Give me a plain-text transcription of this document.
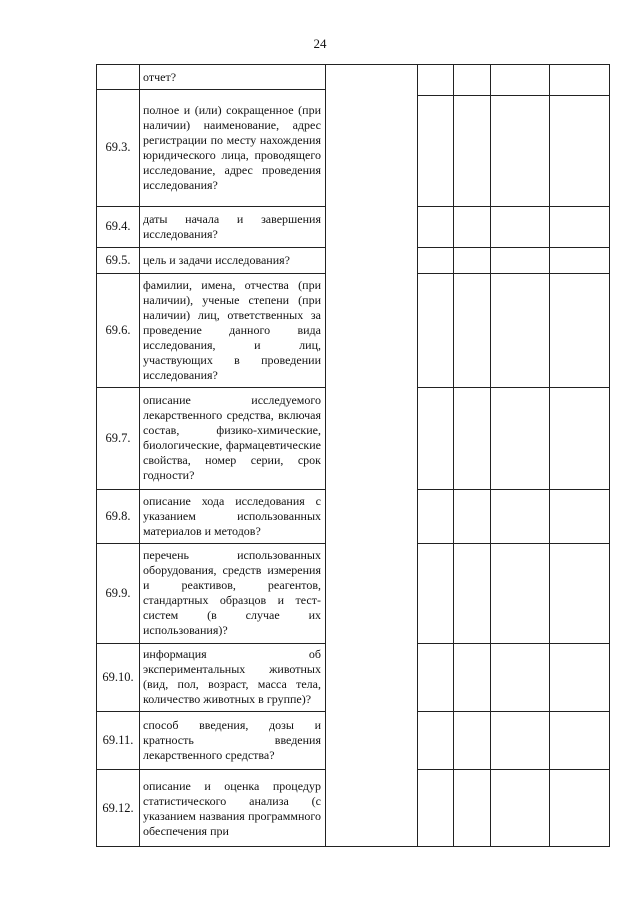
24
отчет?
69.3.
полное и (или) сокращенное (при наличии) наименование, адрес регистрации по месту нахождения юридического лица, проводящего исследование, адрес проведения исследования?
69.4.
даты начала и завершения исследования?
69.5.	цель и задачи исследования?
69.6.
фамилии, имена, отчества (при наличии), ученые степени (при наличии) лиц, ответственных за проведение данного вида исследования, и лиц, участвующих в проведении исследования?
69.7.
описание исследуемого лекарственного средства, включая состав, физико-химические, биологические, фармацевтические свойства, номер серии, срок годности?
69.8.
описание хода исследования с указанием использованных материалов и методов?
69.9.
перечень использованных оборудования, средств измерения и реактивов, реагентов, стандартных образцов и тест-систем (в случае их использования)?
69.10.
информация об экспериментальных животных (вид, пол, возраст, масса тела, количество животных в группе)?
69.11.
способ введения, дозы и кратность введения лекарственного средства?
69.12.
описание и оценка процедур статистического анализа (с указанием названия программного обеспечения при
